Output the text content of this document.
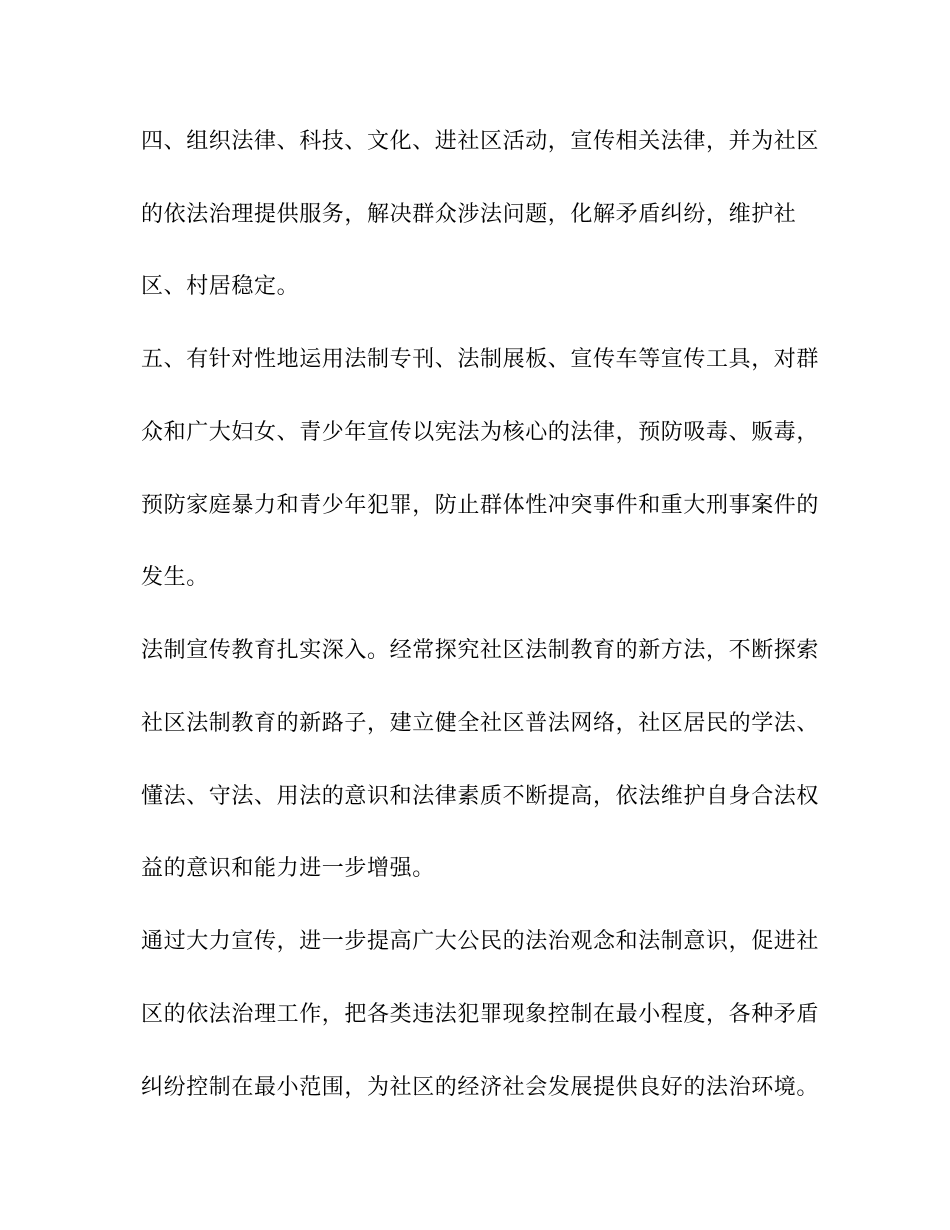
四、组织法律、科技、文化、进社区活动，宣传相关法律，并为社区
的依法治理提供服务，解决群众涉法问题，化解矛盾纠纷，维护社
区、村居稳定。
五、有针对性地运用法制专刊、法制展板、宣传车等宣传工具，对群
众和广大妇女、青少年宣传以宪法为核心的法律，预防吸毒、贩毒，
预防家庭暴力和青少年犯罪，防止群体性冲突事件和重大刑事案件的
发生。
法制宣传教育扎实深入。经常探究社区法制教育的新方法，不断探索
社区法制教育的新路子，建立健全社区普法网络，社区居民的学法、
懂法、守法、用法的意识和法律素质不断提高，依法维护自身合法权
益的意识和能力进一步增强。
通过大力宣传，进一步提高广大公民的法治观念和法制意识，促进社
区的依法治理工作，把各类违法犯罪现象控制在最小程度，各种矛盾
纠纷控制在最小范围，为社区的经济社会发展提供良好的法治环境。
